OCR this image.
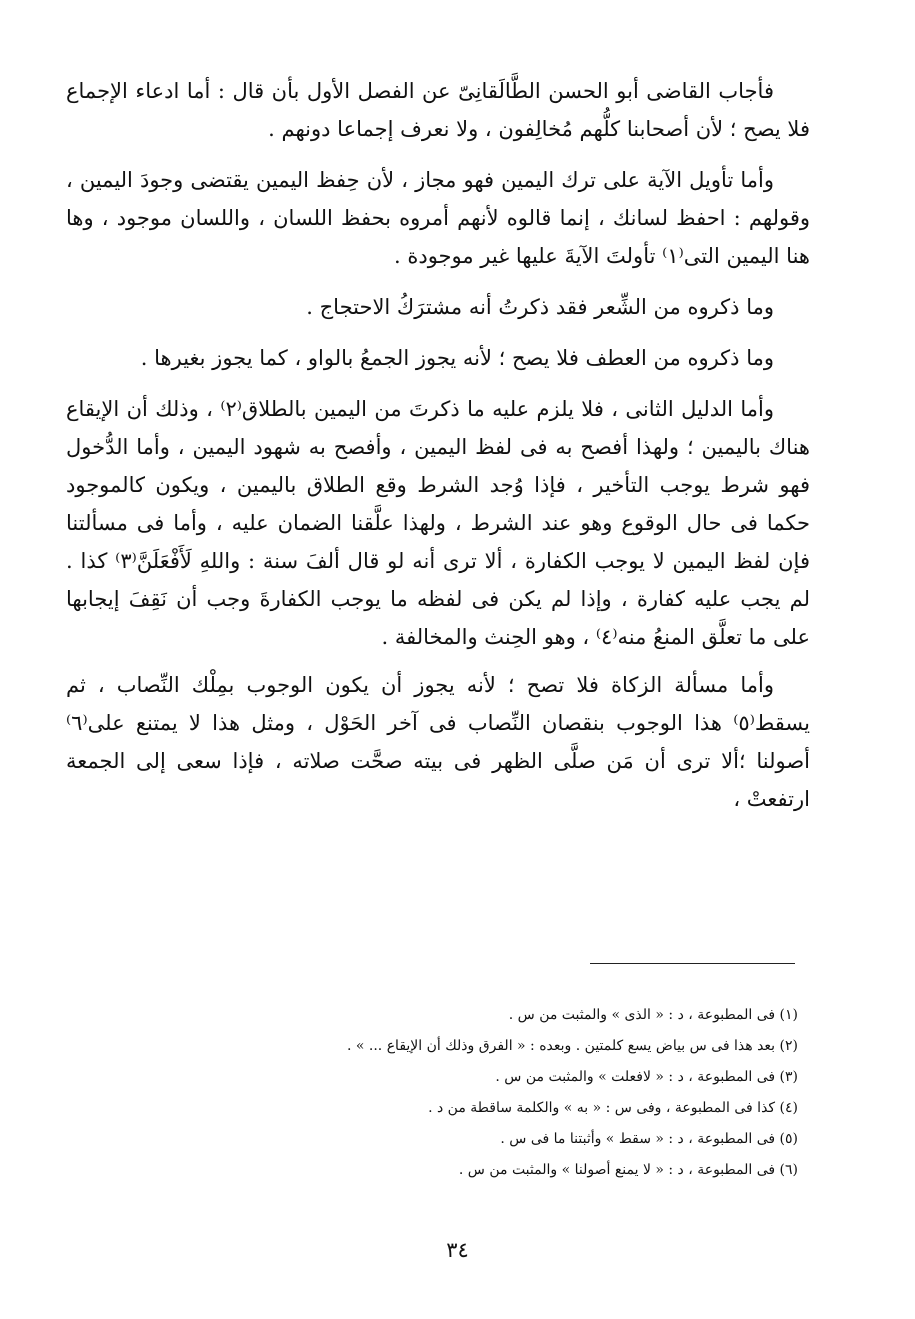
فأجاب القاضى أبو الحسن الطَّالَقانِىّ عن الفصل الأول بأن قال : أما ادعاء الإجماع فلا يصح ؛ لأن أصحابنا كلُّهم مُخالِفون ، ولا نعرف إجماعا دونهم .

وأما تأويل الآية على ترك اليمين فهو مجاز ، لأن حِفظ اليمين يقتضى وجودَ اليمين ، وقولهم : احفظ لسانك ، إنما قالوه لأنهم أمروه بحفظ اللسان ، واللسان موجود ، وها هنا اليمين التى⁽١⁾ تأولتَ الآيةَ عليها غير موجودة .

وما ذكروه من الشِّعر فقد ذكرتُ أنه مشترَكُ الاحتجاج .

وما ذكروه من العطف فلا يصح ؛ لأنه يجوز الجمعُ بالواو ، كما يجوز بغيرها .

وأما الدليل الثانى ، فلا يلزم عليه ما ذكرتَ من اليمين بالطلاق⁽٢⁾ ، وذلك أن الإيقاع هناك باليمين ؛ ولهذا أفصح به فى لفظ اليمين ، وأفصح به شهود اليمين ، وأما الدُّخول فهو شرط يوجب التأخير ، فإذا وُجد الشرط وقع الطلاق باليمين ، ويكون كالموجود حكما فى حال الوقوع وهو عند الشرط ، ولهذا علَّقنا الضمان عليه ، وأما فى مسألتنا فإن لفظ اليمين لا يوجب الكفارة ، ألا ترى أنه لو قال ألفَ سنة : واللهِ لَأَفْعَلَنَّ⁽٣⁾ كذا . لم يجب عليه كفارة ، وإذا لم يكن فى لفظه ما يوجب الكفارةَ وجب أن نَقِفَ إيجابها على ما تعلَّق المنعُ منه⁽٤⁾ ، وهو الحِنث والمخالفة .

وأما مسألة الزكاة فلا تصح ؛ لأنه يجوز أن يكون الوجوب بمِلْك النِّصاب ، ثم يسقط⁽٥⁾ هذا الوجوب بنقصان النِّصاب فى آخر الحَوْل ، ومثل هذا لا يمتنع على⁽٦⁾ أصولنا ؛ألا ترى أن مَن صلَّى الظهر فى بيته صحَّت صلاته ، فإذا سعى إلى الجمعة ارتفعتْ ،

(١) فى المطبوعة ، د : « الذى » والمثبت من س .

(٢) بعد هذا فى س بياض يسع كلمتين . وبعده : « الفرق وذلك أن الإيقاع ... » .

(٣) فى المطبوعة ، د : « لافعلت » والمثبت من س .

(٤) كذا فى المطبوعة ، وفى س : « به » والكلمة ساقطة من د .

(٥) فى المطبوعة ، د : « سقط » وأثبتنا ما فى س .

(٦) فى المطبوعة ، د : « لا يمنع أصولنا » والمثبت من س .

٣٤
